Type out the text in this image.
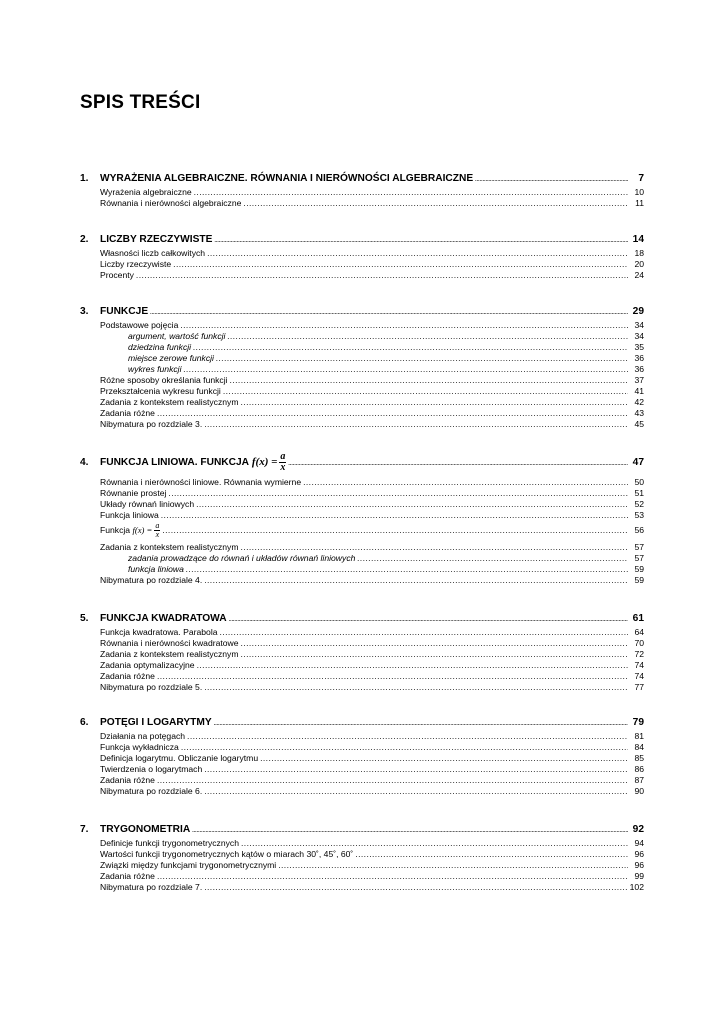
SPIS TREŚCI
1.	WYRAŻENIA ALGEBRAICZNE. RÓWNANIA I NIERÓWNOŚCI ALGEBRAICZNE .....	7
Wyrażenia algebraiczne .....	10
Równania i nierówności algebraiczne .....	11
2.	LICZBY RZECZYWISTE .....	14
Własności liczb całkowitych .....	18
Liczby rzeczywiste .....	20
Procenty .....	24
3.	FUNKCJE .....	29
Podstawowe pojęcia .....	34
argument, wartość funkcji .....	34
dziedzina funkcji .....	35
miejsce zerowe funkcji .....	36
wykres funkcji .....	36
Różne sposoby określania funkcji .....	37
Przekształcenia wykresu funkcji .....	41
Zadania z kontekstem realistycznym .....	42
Zadania różne .....	43
Nibymatura po rozdziale 3. .....	45
4.	FUNKCJA LINIOWA. FUNKCJA $f(x) = \frac{a}{x}$ .....	47
Równania i nierówności liniowe. Równania wymierne .....	50
Równanie prostej .....	51
Układy równań liniowych .....	52
Funkcja liniowa .....	53
Funkcja $f(x) = \frac{a}{x}$ .....	56
Zadania z kontekstem realistycznym .....	57
zadania prowadzące do równań i układów równań liniowych .....	57
funkcja liniowa .....	59
Nibymatura po rozdziale 4. .....	59
5.	FUNKCJA KWADRATOWA .....	61
Funkcja kwadratowa. Parabola .....	64
Równania i nierówności kwadratowe .....	70
Zadania z kontekstem realistycznym .....	72
Zadania optymalizacyjne .....	74
Zadania różne .....	74
Nibymatura po rozdziale 5. .....	77
6.	POTĘGI I LOGARYTMY .....	79
Działania na potęgach .....	81
Funkcja wykładnicza .....	84
Definicja logarytmu. Obliczanie logarytmu .....	85
Twierdzenia o logarytmach .....	86
Zadania różne .....	87
Nibymatura po rozdziale 6. .....	90
7.	TRYGONOMETRIA .....	92
Definicje funkcji trygonometrycznych .....	94
Wartości funkcji trygonometrycznych kątów o miarach 30˚, 45˚, 60˚ .....	96
Związki między funkcjami trygonometrycznymi .....	96
Zadania różne .....	99
Nibymatura po rozdziale 7. .....	102
